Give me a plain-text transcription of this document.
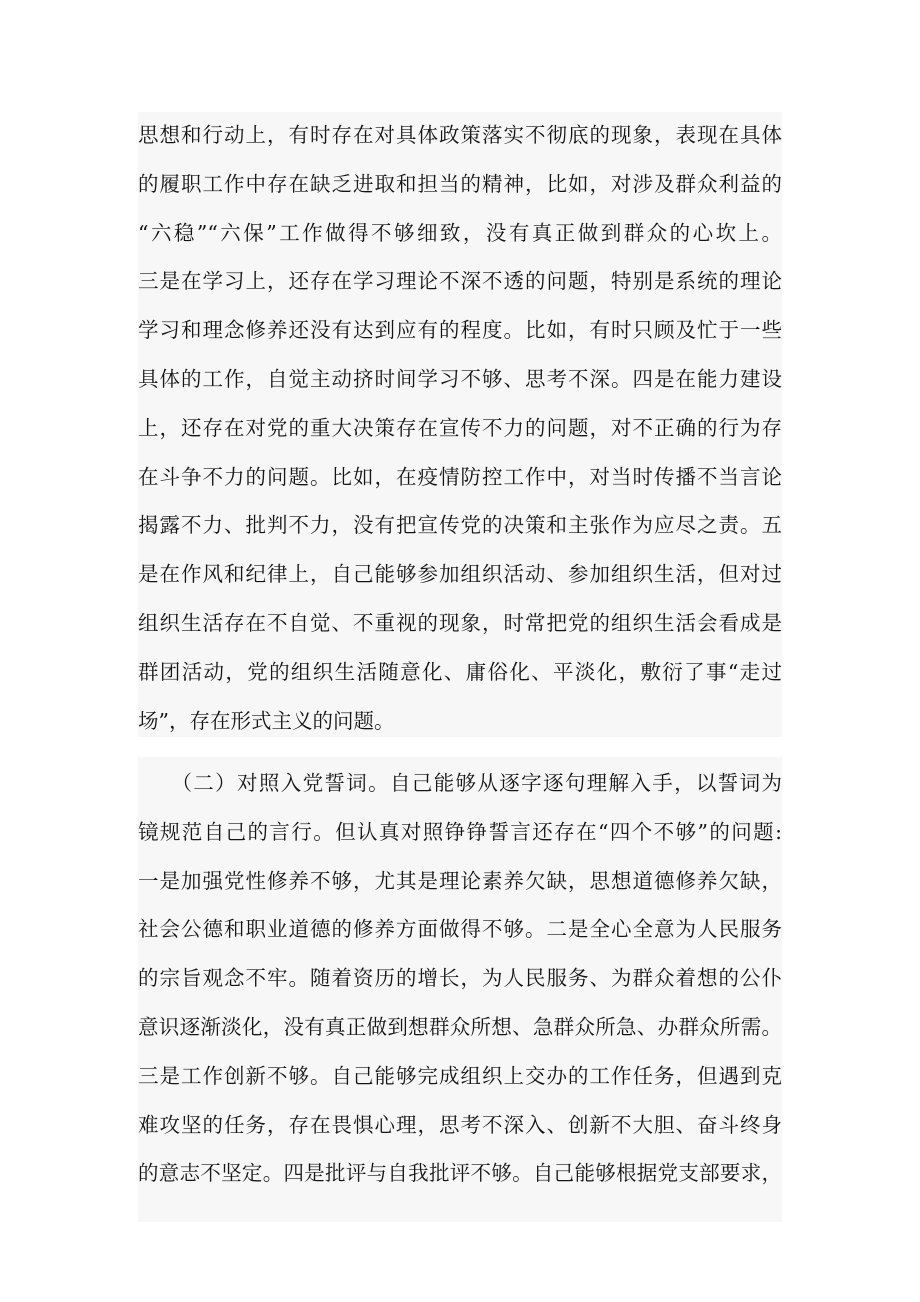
思想和行动上，有时存在对具体政策落实不彻底的现象，表现在具体
的履职工作中存在缺乏进取和担当的精神，比如，对涉及群众利益的
“六稳”“六保”工作做得不够细致，没有真正做到群众的心坎上。
三是在学习上，还存在学习理论不深不透的问题，特别是系统的理论
学习和理念修养还没有达到应有的程度。比如，有时只顾及忙于一些
具体的工作，自觉主动挤时间学习不够、思考不深。四是在能力建设
上，还存在对党的重大决策存在宣传不力的问题，对不正确的行为存
在斗争不力的问题。比如，在疫情防控工作中，对当时传播不当言论
揭露不力、批判不力，没有把宣传党的决策和主张作为应尽之责。五
是在作风和纪律上，自己能够参加组织活动、参加组织生活，但对过
组织生活存在不自觉、不重视的现象，时常把党的组织生活会看成是
群团活动，党的组织生活随意化、庸俗化、平淡化，敷衍了事“走过
场”，存在形式主义的问题。
　　（二）对照入党誓词。自己能够从逐字逐句理解入手，以誓词为
镜规范自己的言行。但认真对照铮铮誓言还存在“四个不够”的问题:
一是加强党性修养不够，尤其是理论素养欠缺，思想道德修养欠缺，
社会公德和职业道德的修养方面做得不够。二是全心全意为人民服务
的宗旨观念不牢。随着资历的增长，为人民服务、为群众着想的公仆
意识逐渐淡化，没有真正做到想群众所想、急群众所急、办群众所需。
三是工作创新不够。自己能够完成组织上交办的工作任务，但遇到克
难攻坚的任务，存在畏惧心理，思考不深入、创新不大胆、奋斗终身
的意志不坚定。四是批评与自我批评不够。自己能够根据党支部要求，
